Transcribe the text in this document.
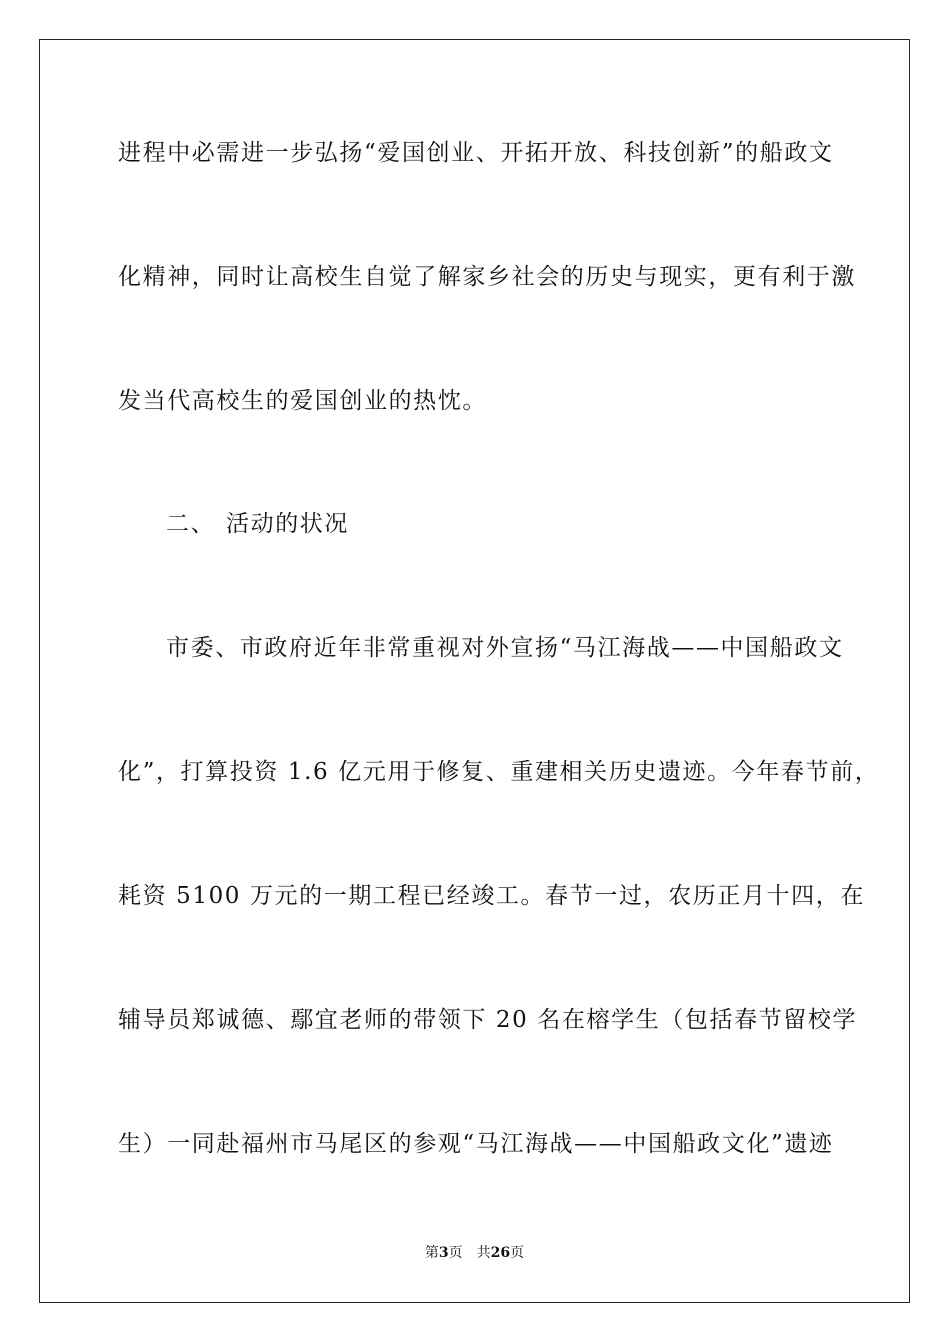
进程中必需进一步弘扬“爱国创业、开拓开放、科技创新”的船政文
化精神，同时让高校生自觉了解家乡社会的历史与现实，更有利于激
发当代高校生的爱国创业的热忱。
二、 活动的状况
市委、市政府近年非常重视对外宣扬“马江海战——中国船政文
化”，打算投资 1.6 亿元用于修复、重建相关历史遗迹。今年春节前，
耗资 5100 万元的一期工程已经竣工。春节一过，农历正月十四，在
辅导员郑诚德、鄢宜老师的带领下 20 名在榕学生（包括春节留校学
生）一同赴福州市马尾区的参观“马江海战——中国船政文化”遗迹
第3页 共26页
